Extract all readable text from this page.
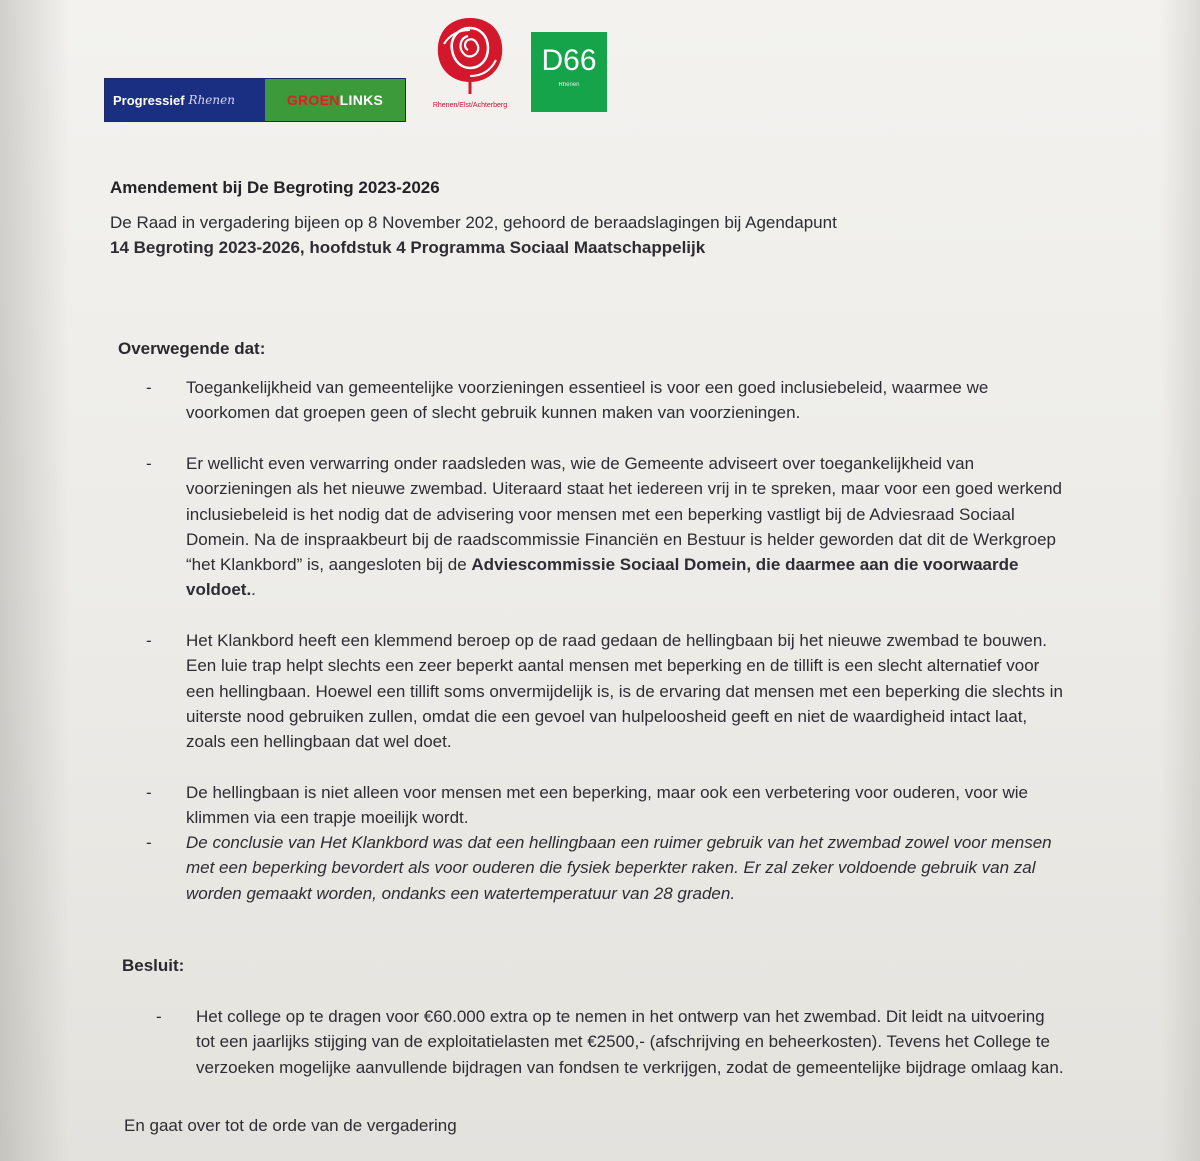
Progressief Rhenen	GROEN LINKS	Rhenen/Elst/Achterberg
D66
Rhenen
Amendement bij De Begroting 2023-2026
De Raad in vergadering bijeen op 8 November 202, gehoord de beraadslagingen bij Agendapunt
14 Begroting 2023-2026, hoofdstuk 4 Programma Sociaal Maatschappelijk
Overwegende dat:
-	Toegankelijkheid van gemeentelijke voorzieningen essentieel is voor een goed inclusiebeleid, waarmee we voorkomen dat groepen geen of slecht gebruik kunnen maken van voorzieningen.
-	Er wellicht even verwarring onder raadsleden was, wie de Gemeente adviseert over toegankelijkheid van voorzieningen als het nieuwe zwembad. Uiteraard staat het iedereen vrij in te spreken, maar voor een goed werkend inclusiebeleid is het nodig dat de advisering voor mensen met een beperking vastligt bij de Adviesraad Sociaal Domein. Na de inspraakbeurt bij de raadscommissie Financiën en Bestuur is helder geworden dat dit de Werkgroep “het Klankbord” is, aangesloten bij de Adviescommissie Sociaal Domein, die daarmee aan die voorwaarde voldoet..
-	Het Klankbord heeft een klemmend beroep op de raad gedaan de hellingbaan bij het nieuwe zwembad te bouwen. Een luie trap helpt slechts een zeer beperkt aantal mensen met beperking en de tillift is een slecht alternatief voor een hellingbaan. Hoewel een tillift soms onvermijdelijk is, is de ervaring dat mensen met een beperking die slechts in uiterste nood gebruiken zullen, omdat die een gevoel van hulpeloosheid geeft en niet de waardigheid intact laat, zoals een hellingbaan dat wel doet.
-	De hellingbaan is niet alleen voor mensen met een beperking, maar ook een verbetering voor ouderen, voor wie klimmen via een trapje moeilijk wordt.
-	De conclusie van Het Klankbord was dat een hellingbaan een ruimer gebruik van het zwembad zowel voor mensen met een beperking bevordert als voor ouderen die fysiek beperkter raken. Er zal zeker voldoende gebruik van zal worden gemaakt worden, ondanks een watertemperatuur van 28 graden.
Besluit:
-	Het college op te dragen voor €60.000 extra op te nemen in het ontwerp van het zwembad. Dit leidt na uitvoering tot een jaarlijks stijging van de exploitatielasten met €2500,- (afschrijving en beheerkosten). Tevens het College te verzoeken mogelijke aanvullende bijdragen van fondsen te verkrijgen, zodat de gemeentelijke bijdrage omlaag kan.
En gaat over tot de orde van de vergadering
